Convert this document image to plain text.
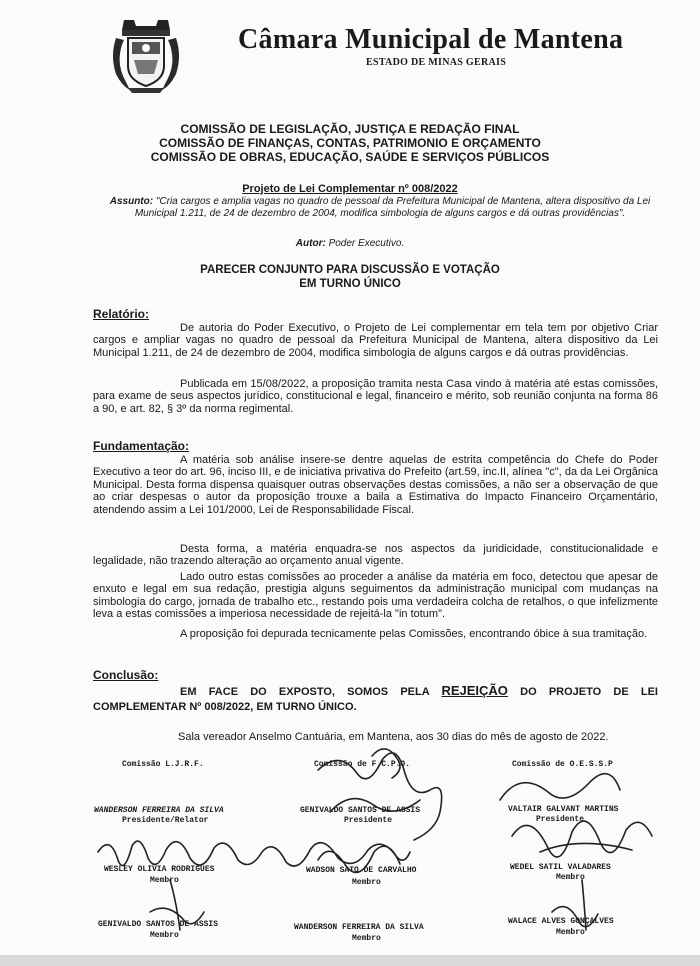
Câmara Municipal de Mantena
ESTADO DE MINAS GERAIS
COMISSÃO DE LEGISLAÇÃO, JUSTIÇA E REDAÇÃO FINAL
COMISSÃO DE FINANÇAS, CONTAS, PATRIMONIO E ORÇAMENTO
COMISSÃO DE OBRAS, EDUCAÇÃO, SAÚDE E SERVIÇOS PÚBLICOS
Projeto de Lei Complementar nº 008/2022
Assunto: "Cria cargos e amplia vagas no quadro de pessoal da Prefeitura Municipal de Mantena, altera dispositivo da Lei Municipal 1.211, de 24 de dezembro de 2004, modifica simbologia de alguns cargos e dá outras providências".
Autor: Poder Executivo.
PARECER CONJUNTO PARA DISCUSSÃO E VOTAÇÃO
EM TURNO ÚNICO
Relatório:
De autoria do Poder Executivo, o Projeto de Lei complementar em tela tem por objetivo Criar cargos e ampliar vagas no quadro de pessoal da Prefeitura Municipal de Mantena, altera dispositivo da Lei Municipal 1.211, de 24 de dezembro de 2004, modifica simbologia de alguns cargos e dá outras providências.
Publicada em 15/08/2022, a proposição tramita nesta Casa vindo à matéria até estas comissões, para exame de seus aspectos jurídico, constitucional e legal, financeiro e mérito, sob reunião conjunta na forma 86 a 90, e art. 82, § 3º da norma regimental.
Fundamentação:
A matéria sob análise insere-se dentre aquelas de estrita competência do Chefe do Poder Executivo a teor do art. 96, inciso III, e de iniciativa privativa do Prefeito (art.59, inc.II, alínea "c", da da Lei Orgânica Municipal. Desta forma dispensa quaisquer outras observações destas comissões, a não ser a observação de que ao criar despesas o autor da proposição trouxe a baila a Estimativa do Impacto Financeiro Orçamentário, atendendo assim a Lei 101/2000, Lei de Responsabilidade Fiscal.
Desta forma, a matéria enquadra-se nos aspectos da juridicidade, constitucionalidade e legalidade, não trazendo alteração ao orçamento anual vigente.
Lado outro estas comissões ao proceder a análise da matéria em foco, detectou que apesar de enxuto e legal em sua redação, prestigia alguns seguimentos da administração municipal com mudanças na simbologia do cargo, jornada de trabalho etc., restando pois uma verdadeira colcha de retalhos, o que infelizmente leva a estas comissões a imperiosa necessidade de rejeitá-la "in totum".
A proposição foi depurada tecnicamente pelas Comissões, encontrando óbice à sua tramitação.
Conclusão:
EM FACE DO EXPOSTO, SOMOS PELA REJEIÇÃO DO PROJETO DE LEI COMPLEMENTAR Nº 008/2022, EM TURNO ÚNICO.
Sala vereador Anselmo Cantuária, em Mantena, aos 30 dias do mês de agosto de 2022.
Comissão L.J.R.F.	Comissão de F.C.P.O.	Comissão de O.E.S.S.P
WANDERSON FERREIRA DA SILVA
Presidente/Relator
GENIVALDO SANTOS DE ASSIS
Presidente
VALTAIR GALVANT MARTINS
Presidente
WESLEY OLIVIA RODRIGUES
Membro
WADSON SATO DE CARVALHO
Membro
WEDEL SATIL VALADARES
Membro
GENIVALDO SANTOS DE ASSIS
Membro
WANDERSON FERREIRA DA SILVA
Membro
WALACE ALVES GONÇALVES
Membro
